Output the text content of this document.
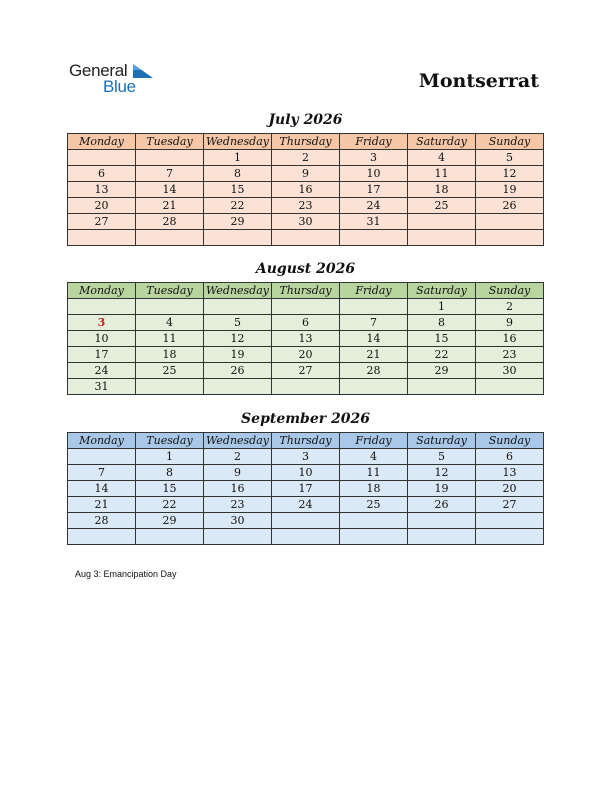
General
Blue	Montserrat
July 2026
Monday	Tuesday	Wednesday	Thursday	Friday	Saturday	Sunday
		1	2	3	4	5
6	7	8	9	10	11	12
13	14	15	16	17	18	19
20	21	22	23	24	25	26
27	28	29	30	31		

August 2026
Monday	Tuesday	Wednesday	Thursday	Friday	Saturday	Sunday
					1	2
3	4	5	6	7	8	9
10	11	12	13	14	15	16
17	18	19	20	21	22	23
24	25	26	27	28	29	30
31						
September 2026
Monday	Tuesday	Wednesday	Thursday	Friday	Saturday	Sunday
	1	2	3	4	5	6
7	8	9	10	11	12	13
14	15	16	17	18	19	20
21	22	23	24	25	26	27
28	29	30				

Aug 3: Emancipation Day
